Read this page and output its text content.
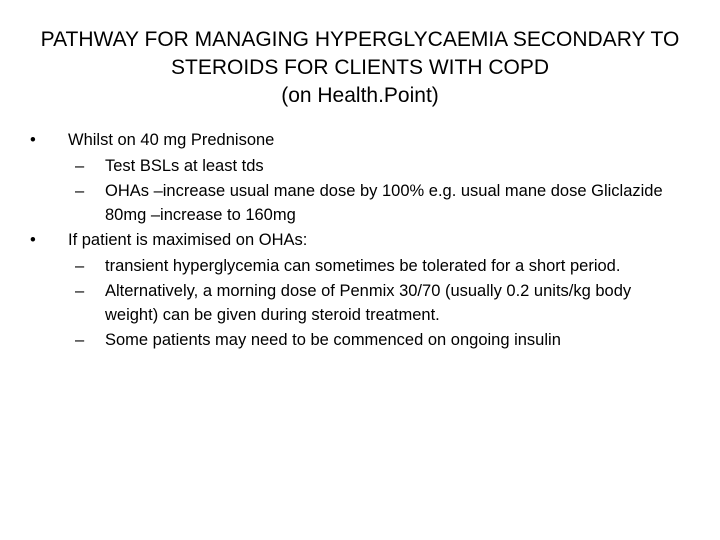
PATHWAY FOR MANAGING HYPERGLYCAEMIA SECONDARY TO
STEROIDS FOR CLIENTS WITH COPD
(on Health.Point)
• Whilst on 40 mg Prednisone
– Test BSLs at least tds
– OHAs –increase usual mane dose by 100% e.g. usual mane dose Gliclazide 80mg –increase to 160mg
• If patient is maximised on OHAs:
– transient hyperglycemia can sometimes be tolerated for a short period.
– Alternatively, a morning dose of Penmix 30/70 (usually 0.2 units/kg body weight) can be given during steroid treatment.
– Some patients may need to be commenced on ongoing insulin
